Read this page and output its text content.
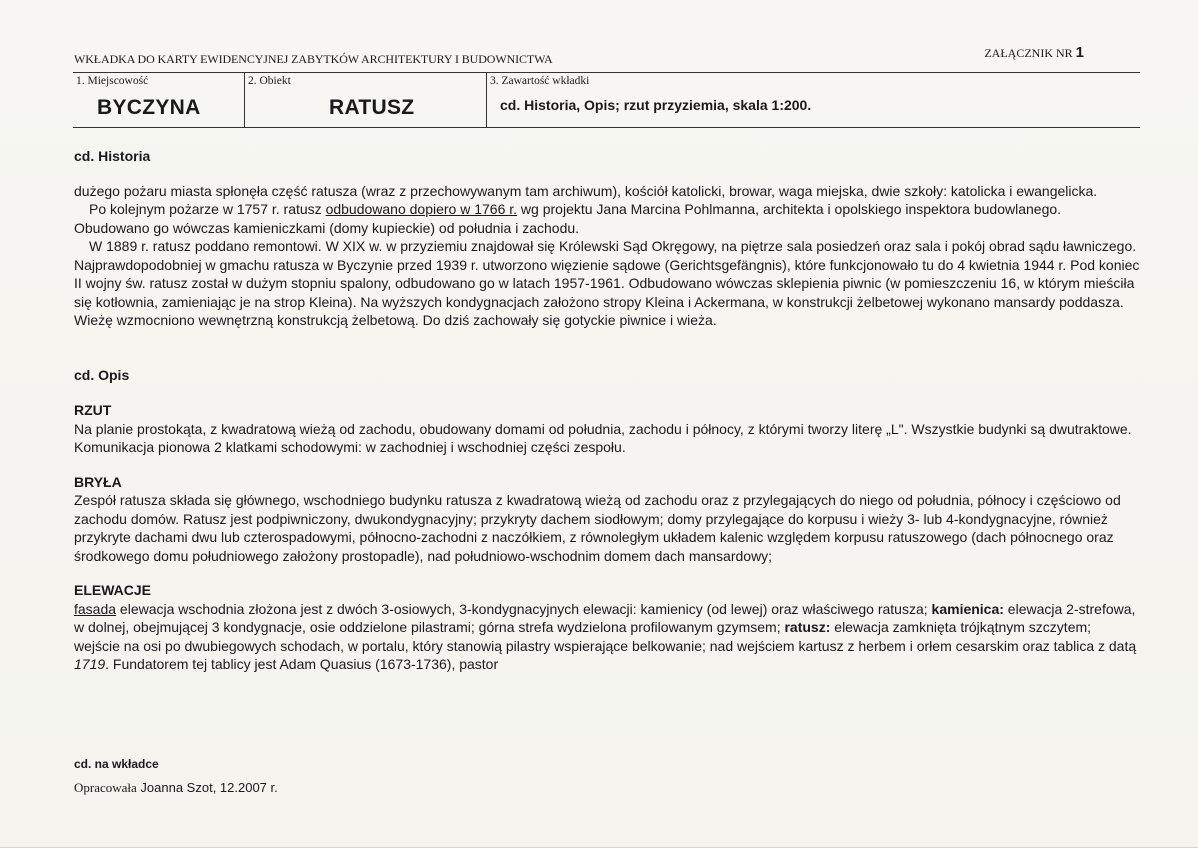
WKŁADKA DO KARTY EWIDENCYJNEJ ZABYTKÓW ARCHITEKTURY I BUDOWNICTWA	ZAŁĄCZNIK NR 1
1. Miejscowość
BYCZYNA
2. Obiekt
RATUSZ
3. Zawartość wkładki
cd. Historia, Opis; rzut przyziemia, skala 1:200.

cd. Historia

dużego pożaru miasta spłonęła część ratusza (wraz z przechowywanym tam archiwum), kościół katolicki, browar, waga miejska, dwie szkoły: katolicka i ewangelicka.

Po kolejnym pożarze w 1757 r. ratusz odbudowano dopiero w 1766 r. wg projektu Jana Marcina Pohlmanna, architekta i opolskiego inspektora budowlanego. Obudowano go wówczas kamieniczkami (domy kupieckie) od południa i zachodu.

W 1889 r. ratusz poddano remontowi. W XIX w. w przyziemiu znajdował się Królewski Sąd Okręgowy, na piętrze sala posiedzeń oraz sala i pokój obrad sądu ławniczego. Najprawdopodobniej w gmachu ratusza w Byczynie przed 1939 r. utworzono więzienie sądowe (Gerichtsgefängnis), które funkcjonowało tu do 4 kwietnia 1944 r. Pod koniec II wojny św. ratusz został w dużym stopniu spalony, odbudowano go w latach 1957-1961. Odbudowano wówczas sklepienia piwnic (w pomieszczeniu 16, w którym mieściła się kotłownia, zamieniając je na strop Kleina). Na wyższych kondygnacjach założono stropy Kleina i Ackermana, w konstrukcji żelbetowej wykonano mansardy poddasza. Wieżę wzmocniono wewnętrzną konstrukcją żelbetową. Do dziś zachowały się gotyckie piwnice i wieża.

cd. Opis

RZUT

Na planie prostokąta, z kwadratową wieżą od zachodu, obudowany domami od południa, zachodu i północy, z którymi tworzy literę „L". Wszystkie budynki są dwutraktowe. Komunikacja pionowa 2 klatkami schodowymi: w zachodniej i wschodniej części zespołu.

BRYŁA

Zespół ratusza składa się głównego, wschodniego budynku ratusza z kwadratową wieżą od zachodu oraz z przylegających do niego od południa, północy i częściowo od zachodu domów. Ratusz jest podpiwniczony, dwukondygnacyjny; przykryty dachem siodłowym; domy przylegające do korpusu i wieży 3- lub 4-kondygnacyjne, również przykryte dachami dwu lub czterospadowymi, północno-zachodni z naczółkiem, z równoległym układem kalenic względem korpusu ratuszowego (dach północnego oraz środkowego domu południowego założony prostopadle), nad południowo-wschodnim domem dach mansardowy;

ELEWACJE

fasada elewacja wschodnia złożona jest z dwóch 3-osiowych, 3-kondygnacyjnych elewacji: kamienicy (od lewej) oraz właściwego ratusza; kamienica: elewacja 2-strefowa, w dolnej, obejmującej 3 kondygnacje, osie oddzielone pilastrami; górna strefa wydzielona profilowanym gzymsem; ratusz: elewacja zamknięta trójkątnym szczytem; wejście na osi po dwubiegowych schodach, w portalu, który stanowią pilastry wspierające belkowanie; nad wejściem kartusz z herbem i orłem cesarskim oraz tablica z datą 1719. Fundatorem tej tablicy jest Adam Quasius (1673-1736), pastor

cd. na wkładce
Opracowała Joanna Szot, 12.2007 r.
